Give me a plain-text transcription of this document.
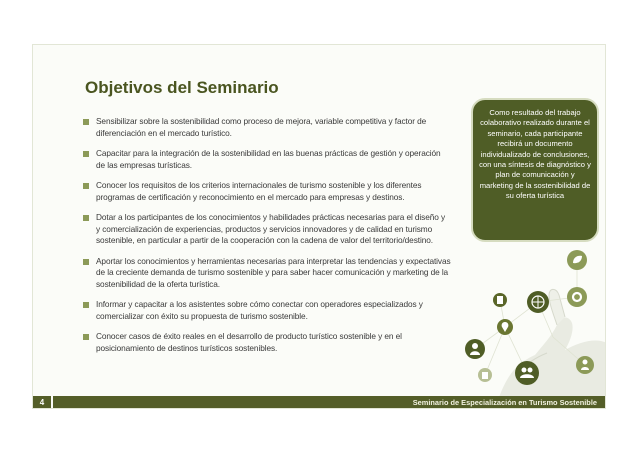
Objetivos del Seminario
Sensibilizar sobre la sostenibilidad como proceso de mejora, variable competitiva y factor de diferenciación en el mercado turístico.
Capacitar para la integración de la sostenibilidad en las buenas prácticas de gestión y operación de las empresas turísticas.
Conocer los requisitos de los criterios internacionales de turismo sostenible y los diferentes programas de certificación y reconocimiento en el mercado para empresas y destinos.
Dotar a los participantes de los conocimientos y habilidades prácticas necesarias para el diseño y y comercialización de experiencias, productos y servicios innovadores y de calidad en turismo sostenible, en particular a partir de la cooperación con la cadena de valor del territorio/destino.
Aportar los conocimientos y herramientas necesarias para interpretar las tendencias y expectativas de la creciente demanda de turismo sostenible y para saber hacer comunicación y marketing de la sostenibilidad de la oferta turística.
Informar y capacitar a los asistentes sobre cómo conectar con operadores especializados y comercializar con éxito su propuesta de turismo sostenible.
Conocer casos de éxito reales en el desarrollo de producto turístico sostenible y en el posicionamiento de destinos turísticos sostenibles.
Como resultado del trabajo colaborativo realizado durante el seminario, cada participante recibirá un documento individualizado de conclusiones, con una síntesis de diagnóstico y plan de comunicación y marketing de la sostenibilidad de su oferta turística
4	Seminario de Especialización en Turismo Sostenible
